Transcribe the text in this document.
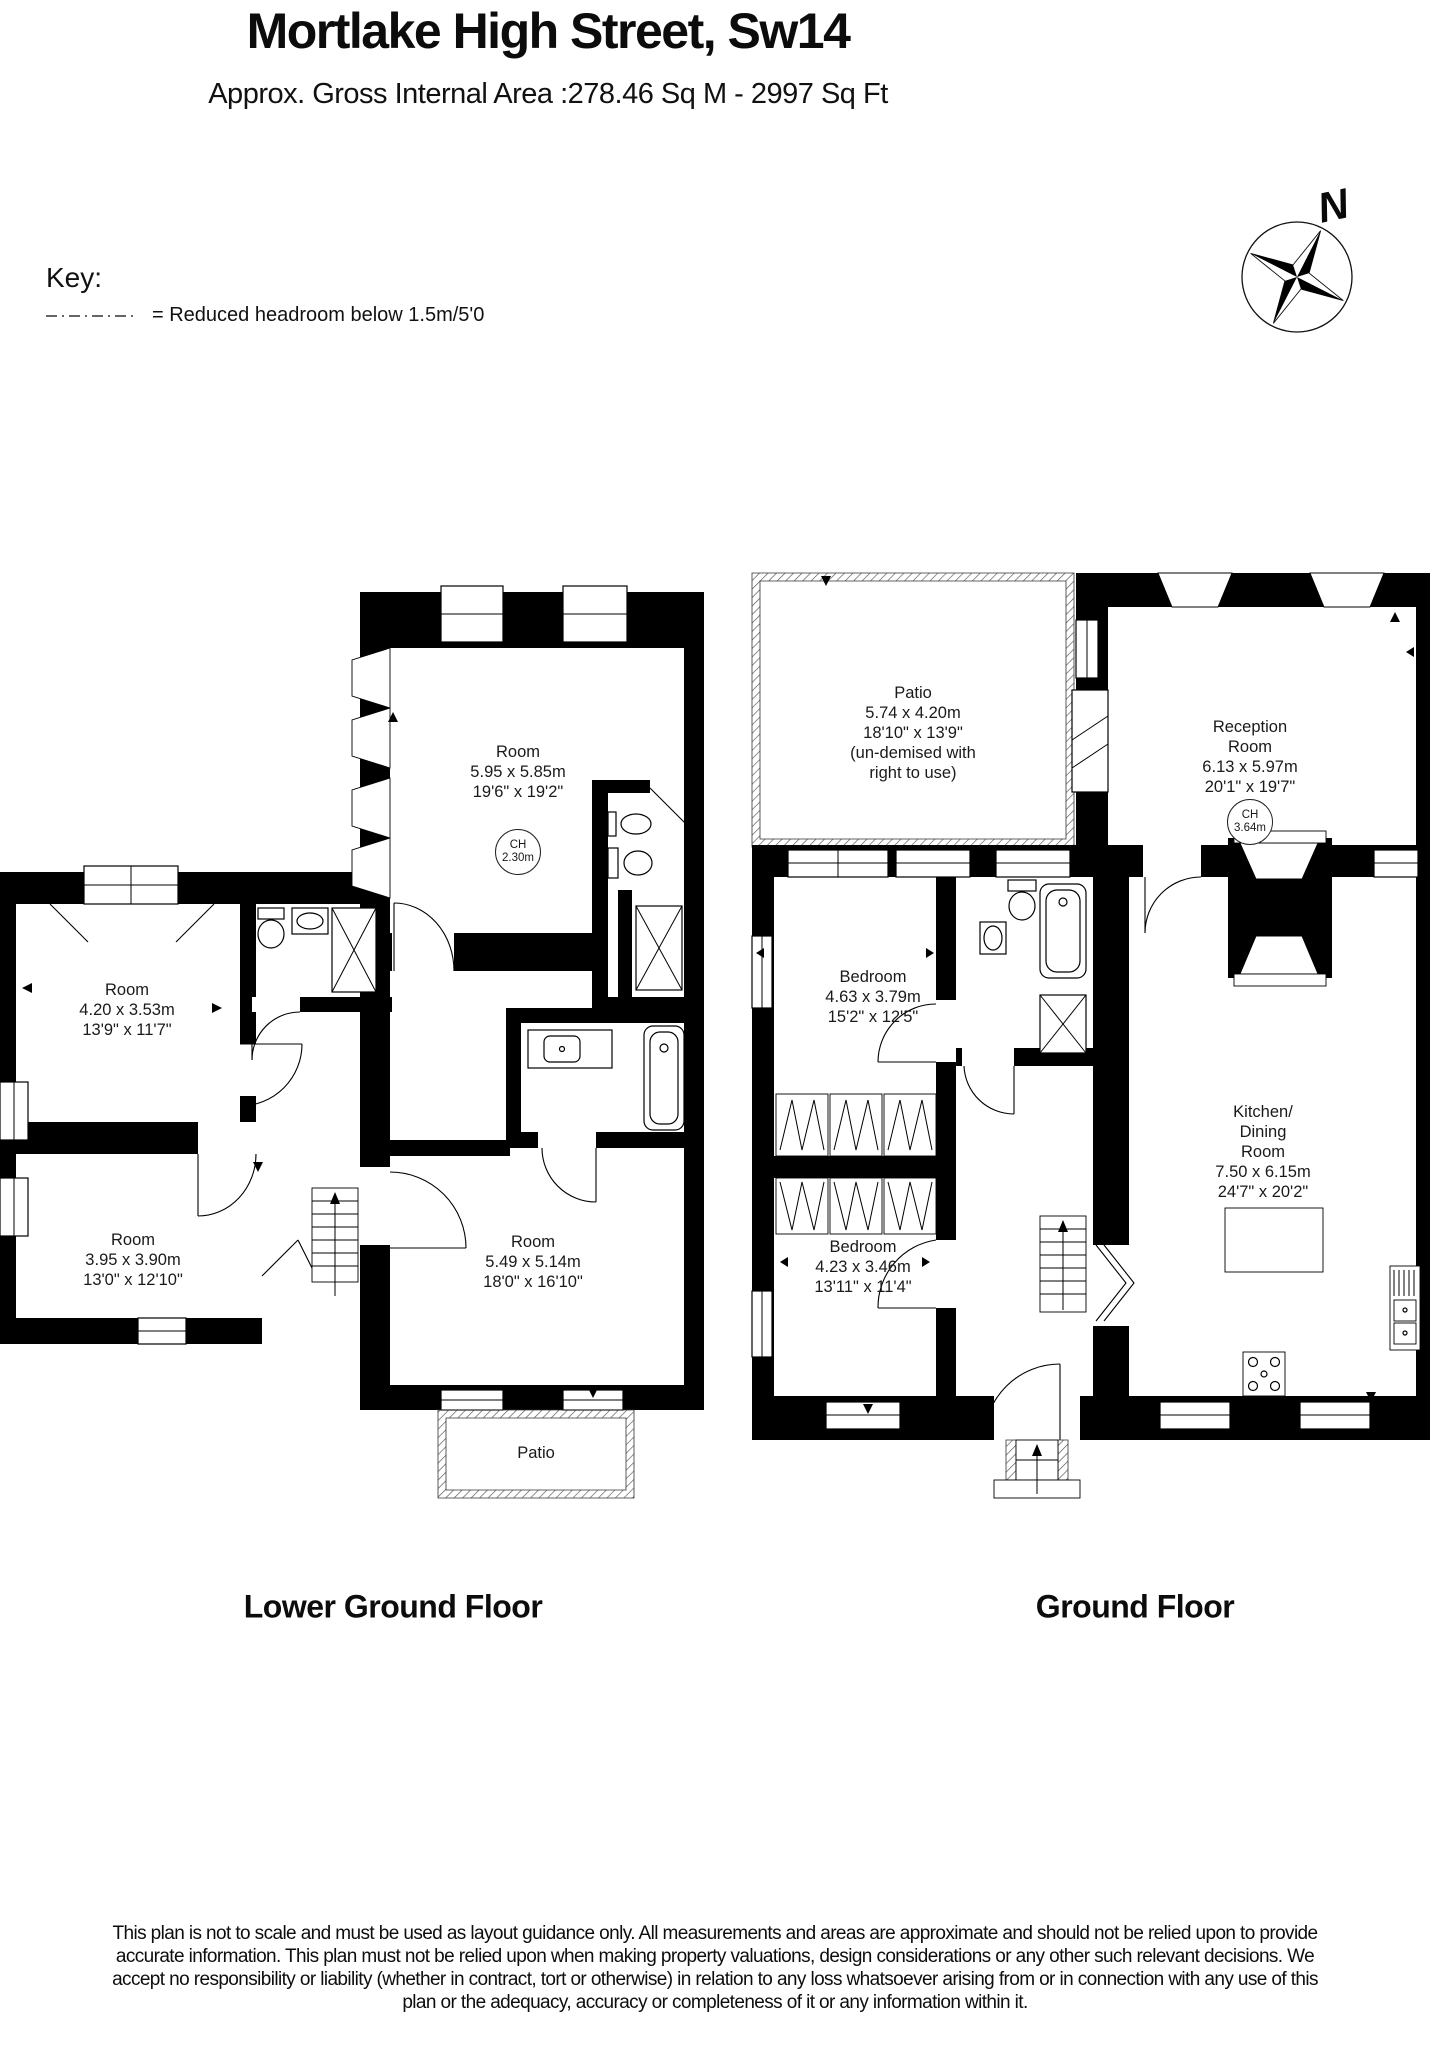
Mortlake High Street, Sw14
Approx. Gross Internal Area :278.46 Sq M - 2997 Sq Ft
Key:
= Reduced headroom below 1.5m/5'0
N
Room
5.95 x 5.85m
19'6" x 19'2"
CH
2.30m
Room
4.20 x 3.53m
13'9" x 11'7"
Room
3.95 x 3.90m
13'0" x 12'10"
Room
5.49 x 5.14m
18'0" x 16'10"
Patio
Patio
5.74 x 4.20m
18'10" x 13'9"
(un-demised with
right to use)
Reception
Room
6.13 x 5.97m
20'1" x 19'7"
CH
3.64m
Bedroom
4.63 x 3.79m
15'2" x 12'5"
Kitchen/
Dining
Room
7.50 x 6.15m
24'7" x 20'2"
Bedroom
4.23 x 3.46m
13'11" x 11'4"
Lower Ground Floor	Ground Floor
This plan is not to scale and must be used as layout guidance only. All measurements and areas are approximate and should not be relied upon to provide accurate information. This plan must not be relied upon when making property valuations, design considerations or any other such relevant decisions. We accept no responsibility or liability (whether in contract, tort or otherwise) in relation to any loss whatsoever arising from or in connection with any use of this plan or the adequacy, accuracy or completeness of it or any information within it.
